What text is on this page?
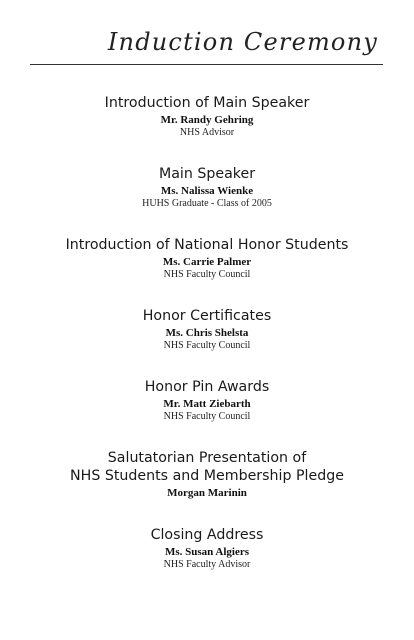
Induction Ceremony
Introduction of Main Speaker
Mr. Randy Gehring
NHS Advisor
Main Speaker
Ms. Nalissa Wienke
HUHS Graduate - Class of 2005
Introduction of National Honor Students
Ms. Carrie Palmer
NHS Faculty Council
Honor Certificates
Ms. Chris Shelsta
NHS Faculty Council
Honor Pin Awards
Mr. Matt Ziebarth
NHS Faculty Council
Salutatorian Presentation of
NHS Students and Membership Pledge
Morgan Marinin
Closing Address
Ms. Susan Algiers
NHS Faculty Advisor
